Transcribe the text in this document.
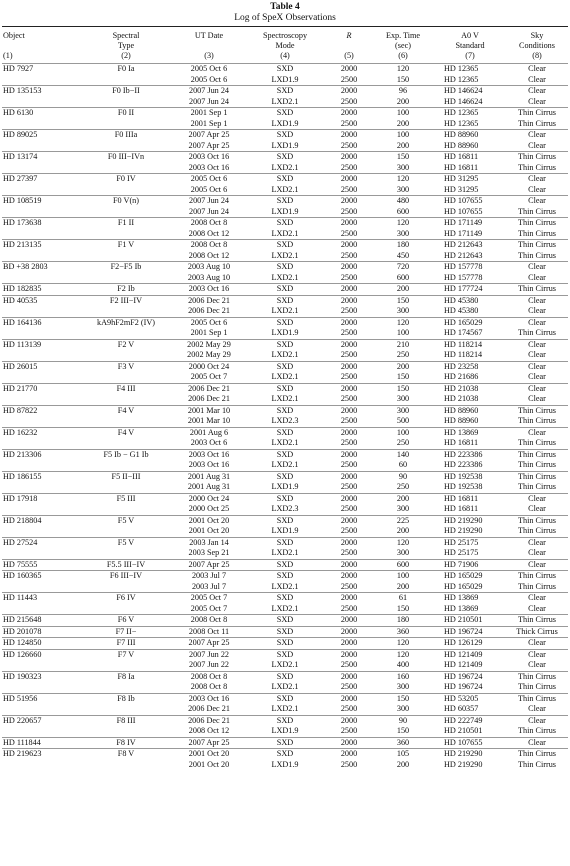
Table 4
Log of SpeX Observations
Object	Spectral	UT Date	Spectroscopy	R	Exp. Time	A0 V	Sky
	Type		Mode		(sec)	Standard	Conditions
(1)	(2)	(3)	(4)	(5)	(6)	(7)	(8)
HD 7927	F0 Ia	2005 Oct 6	SXD	2000	120	HD 12365	Clear
		2005 Oct 6	LXD1.9	2500	150	HD 12365	Clear
HD 135153	F0 Ib−II	2007 Jun 24	SXD	2000	96	HD 146624	Clear
		2007 Jun 24	LXD2.1	2500	200	HD 146624	Clear
HD 6130	F0 II	2001 Sep 1	SXD	2000	100	HD 12365	Thin Cirrus
		2001 Sep 1	LXD1.9	2500	200	HD 12365	Thin Cirrus
HD 89025	F0 IIIa	2007 Apr 25	SXD	2000	100	HD 88960	Clear
		2007 Apr 25	LXD1.9	2500	200	HD 88960	Clear
HD 13174	F0 III−IVn	2003 Oct 16	SXD	2000	150	HD 16811	Thin Cirrus
		2003 Oct 16	LXD2.1	2500	300	HD 16811	Thin Cirrus
HD 27397	F0 IV	2005 Oct 6	SXD	2000	120	HD 31295	Clear
		2005 Oct 6	LXD2.1	2500	300	HD 31295	Clear
HD 108519	F0 V(n)	2007 Jun 24	SXD	2000	480	HD 107655	Clear
		2007 Jun 24	LXD1.9	2500	600	HD 107655	Thin Cirrus
HD 173638	F1 II	2008 Oct 8	SXD	2000	120	HD 171149	Thin Cirrus
		2008 Oct 12	LXD2.1	2500	300	HD 171149	Thin Cirrus
HD 213135	F1 V	2008 Oct 8	SXD	2000	180	HD 212643	Thin Cirrus
		2008 Oct 12	LXD2.1	2500	450	HD 212643	Thin Cirrus
BD +38 2803	F2−F5 Ib	2003 Aug 10	SXD	2000	720	HD 157778	Clear
		2003 Aug 10	LXD2.1	2500	600	HD 157778	Clear
HD 182835	F2 Ib	2003 Oct 16	SXD	2000	200	HD 177724	Thin Cirrus
HD 40535	F2 III−IV	2006 Dec 21	SXD	2000	150	HD 45380	Clear
		2006 Dec 21	LXD2.1	2500	300	HD 45380	Clear
HD 164136	kA9hF2mF2 (IV)	2005 Oct 6	SXD	2000	120	HD 165029	Clear
		2001 Sep 1	LXD1.9	2500	100	HD 174567	Thin Cirrus
HD 113139	F2 V	2002 May 29	SXD	2000	210	HD 118214	Clear
		2002 May 29	LXD2.1	2500	250	HD 118214	Clear
HD 26015	F3 V	2000 Oct 24	SXD	2000	200	HD 23258	Clear
		2005 Oct 7	LXD2.1	2500	150	HD 21686	Clear
HD 21770	F4 III	2006 Dec 21	SXD	2000	150	HD 21038	Clear
		2006 Dec 21	LXD2.1	2500	300	HD 21038	Clear
HD 87822	F4 V	2001 Mar 10	SXD	2000	300	HD 88960	Thin Cirrus
		2001 Mar 10	LXD2.3	2500	500	HD 88960	Thin Cirrus
HD 16232	F4 V	2001 Aug 6	SXD	2000	100	HD 13869	Clear
		2003 Oct 6	LXD2.1	2500	250	HD 16811	Thin Cirrus
HD 213306	F5 Ib − G1 Ib	2003 Oct 16	SXD	2000	140	HD 223386	Thin Cirrus
		2003 Oct 16	LXD2.1	2500	60	HD 223386	Thin Cirrus
HD 186155	F5 II−III	2001 Aug 31	SXD	2000	90	HD 192538	Thin Cirrus
		2001 Aug 31	LXD1.9	2500	250	HD 192538	Thin Cirrus
HD 17918	F5 III	2000 Oct 24	SXD	2000	200	HD 16811	Clear
		2000 Oct 25	LXD2.3	2500	300	HD 16811	Clear
HD 218804	F5 V	2001 Oct 20	SXD	2000	225	HD 219290	Thin Cirrus
		2001 Oct 20	LXD1.9	2500	200	HD 219290	Thin Cirrus
HD 27524	F5 V	2003 Jan 14	SXD	2000	120	HD 25175	Clear
		2003 Sep 21	LXD2.1	2500	300	HD 25175	Clear
HD 75555	F5.5 III−IV	2007 Apr 25	SXD	2000	600	HD 71906	Clear
HD 160365	F6 III−IV	2003 Jul 7	SXD	2000	100	HD 165029	Thin Cirrus
		2003 Jul 7	LXD2.1	2500	200	HD 165029	Thin Cirrus
HD 11443	F6 IV	2005 Oct 7	SXD	2000	61	HD 13869	Clear
		2005 Oct 7	LXD2.1	2500	150	HD 13869	Clear
HD 215648	F6 V	2008 Oct 8	SXD	2000	180	HD 210501	Thin Cirrus
HD 201078	F7 II−	2008 Oct 11	SXD	2000	360	HD 196724	Thick Cirrus
HD 124850	F7 III	2007 Apr 25	SXD	2000	120	HD 126129	Clear
HD 126660	F7 V	2007 Jun 22	SXD	2000	120	HD 121409	Clear
		2007 Jun 22	LXD2.1	2500	400	HD 121409	Clear
HD 190323	F8 Ia	2008 Oct 8	SXD	2000	160	HD 196724	Thin Cirrus
		2008 Oct 8	LXD2.1	2500	300	HD 196724	Thin Cirrus
HD 51956	F8 Ib	2003 Oct 16	SXD	2000	150	HD 53205	Thin Cirrus
		2006 Dec 21	LXD2.1	2500	300	HD 60357	Clear
HD 220657	F8 III	2006 Dec 21	SXD	2000	90	HD 222749	Clear
		2008 Oct 12	LXD1.9	2500	150	HD 210501	Thin Cirrus
HD 111844	F8 IV	2007 Apr 25	SXD	2000	360	HD 107655	Clear
HD 219623	F8 V	2001 Oct 20	SXD	2000	105	HD 219290	Thin Cirrus
		2001 Oct 20	LXD1.9	2500	200	HD 219290	Thin Cirrus
